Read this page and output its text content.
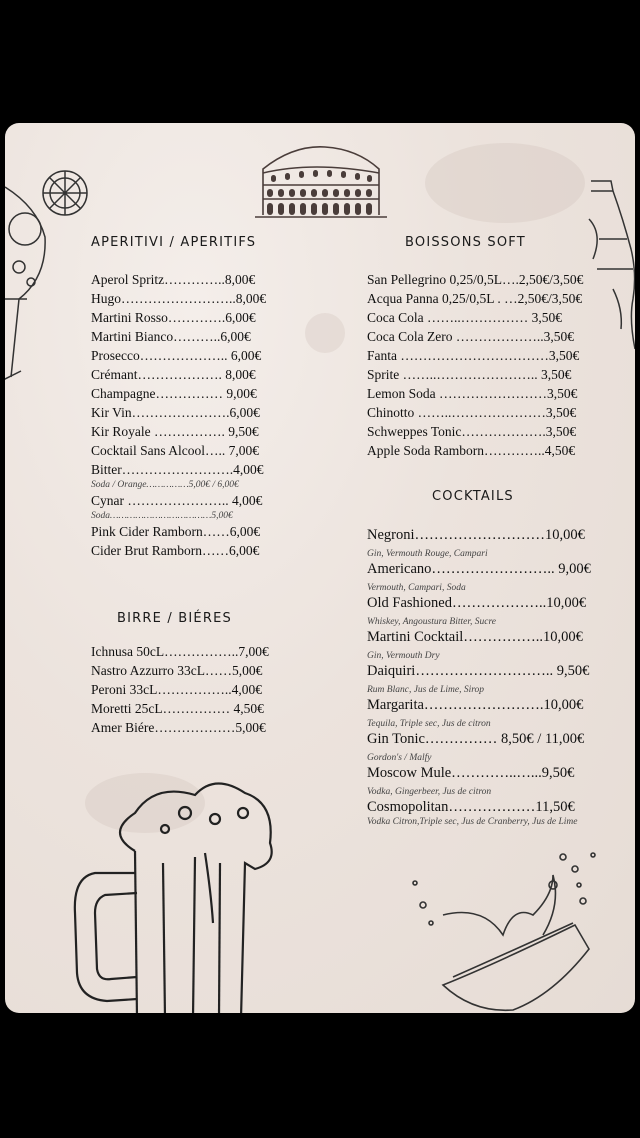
APERITIVI / APERITIFS
Aperol Spritz…………..8,00€
Hugo……………………..8,00€
Martini Rosso………….6,00€
Martini Bianco………..6,00€
Prosecco……………….. 6,00€
Crémant………………. 8,00€
Champagne…………… 9,00€
Kir Vin………………….6,00€
Kir Royale ……………. 9,50€
Cocktail Sans Alcool….. 7,00€
Bitter…………………….4,00€
Soda / Orange……………5,00€ / 6,00€
Cynar ………………….. 4,00€
Soda………………………………5,00€
Pink Cider Ramborn……6,00€
Cider Brut Ramborn……6,00€
BIRRE / BIÉRES
Ichnusa 50cL……………..7,00€
Nastro Azzurro 33cL……5,00€
Peroni 33cL……………..4,00€
Moretti 25cL…………… 4,50€
Amer Biére………………5,00€
BOISSONS SOFT
San Pellegrino 0,25/0,5L….2,50€/3,50€
Acqua Panna 0,25/0,5L . …2,50€/3,50€
Coca Cola ……..…………… 3,50€
Coca Cola Zero ………………..3,50€
Fanta ……………………………3,50€
Sprite ……..………………….. 3,50€
Lemon Soda ……………………3,50€
Chinotto ……..…………………3,50€
Schweppes Tonic……………….3,50€
Apple Soda Ramborn…………..4,50€
COCKTAILS
Negroni………………………10,00€
Gin, Vermouth Rouge, Campari
Americano…………………….. 9,00€
Vermouth, Campari, Soda
Old Fashioned………………..10,00€
Whiskey, Angoustura Bitter, Sucre
Martini Cocktail……………..10,00€
Gin, Vermouth Dry
Daiquiri……………………….. 9,50€
Rum Blanc, Jus de Lime, Sirop
Margarita…………………….10,00€
Tequila, Triple sec, Jus de citron
Gin Tonic…………… 8,50€ / 11,00€
Gordon's / Malfy
Moscow Mule…………..…...9,50€
Vodka, Gingerbeer, Jus de citron
Cosmopolitan………………11,50€
Vodka Citron,Triple sec, Jus de Cranberry, Jus de Lime
